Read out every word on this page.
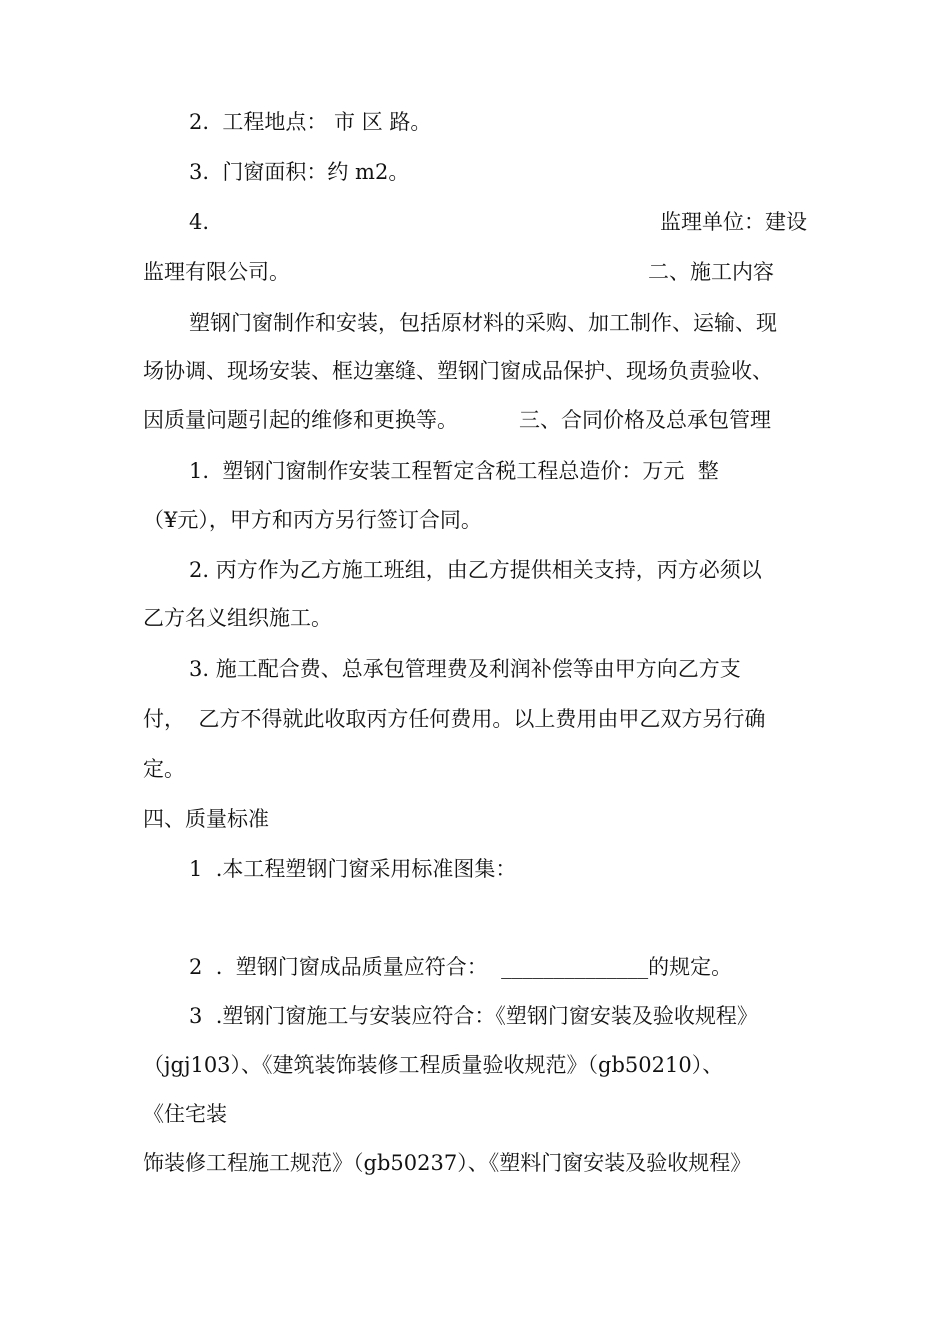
2.  工程地点： 市 区 路。
3.  门窗面积：约 m2。
4.	监理单位：建设
监理有限公司。	二、施工内容
塑钢门窗制作和安装，包括原材料的采购、加工制作、运输、现
场协调、现场安装、框边塞缝、塑钢门窗成品保护、现场负责验收、
因质量问题引起的维修和更换等。	三、合同价格及总承包管理
1.  塑钢门窗制作安装工程暂定含税工程总造价：万元  整
（¥元），甲方和丙方另行签订合同。
2. 丙方作为乙方施工班组，由乙方提供相关支持，丙方必须以
乙方名义组织施工。
3. 施工配合费、总承包管理费及利润补偿等由甲方向乙方支
付，  乙方不得就此收取丙方任何费用。以上费用由甲乙双方另行确
定。
四、质量标准
1  .本工程塑钢门窗采用标准图集：
2  .  塑钢门窗成品质量应符合：  ______________的规定。
3  .塑钢门窗施工与安装应符合：《塑钢门窗安装及验收规程》
（jgj103）、《建筑装饰装修工程质量验收规范》（gb50210）、
《住宅装
饰装修工程施工规范》（gb50237）、《塑料门窗安装及验收规程》
